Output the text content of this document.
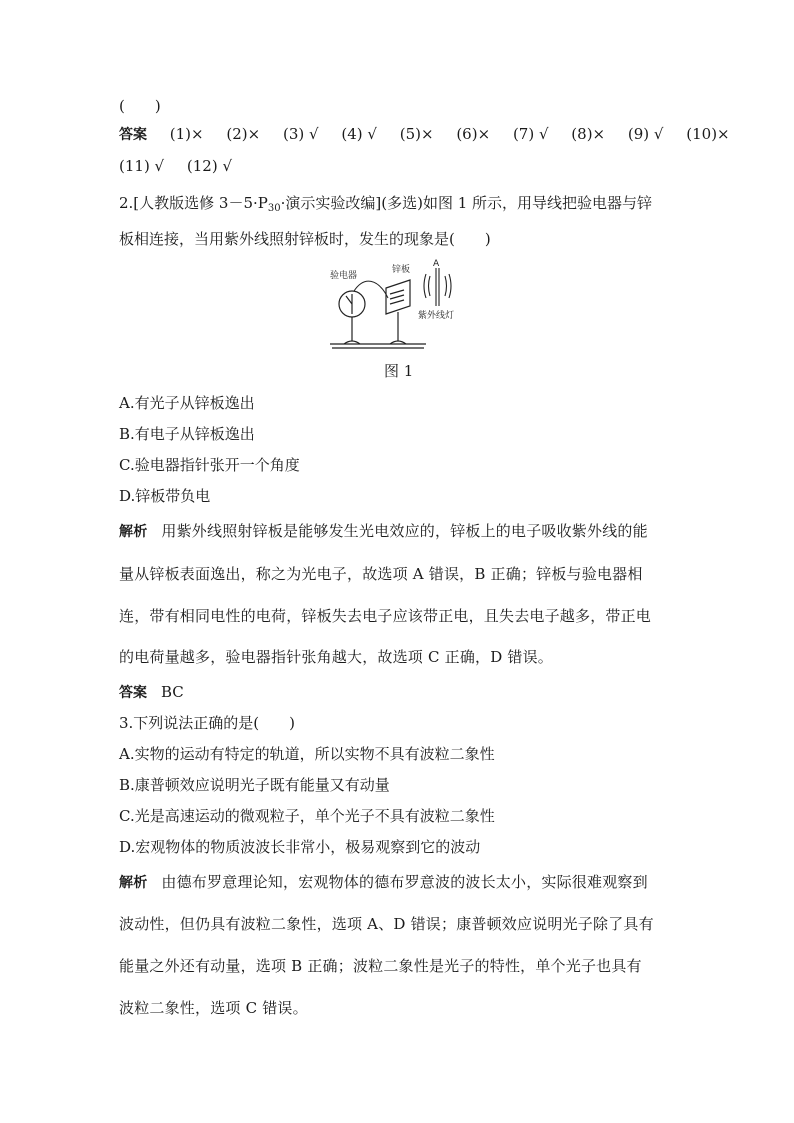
(　　)
答案 (1)× (2)× (3) √ (4) √ (5)× (6)× (7) √ (8)× (9) √ (10)×
(11) √ (12) √
2.[人教版选修 $3-5\cdot P_{30}\cdot$演示实验改编](多选)如图 1 所示，用导线把验电器与锌
板相连接，当用紫外线照射锌板时，发生的现象是(　　)
验电器
锌板
A
紫外线灯
图 1
A.有光子从锌板逸出
B.有电子从锌板逸出
C.验电器指针张开一个角度
D.锌板带负电
解析 用紫外线照射锌板是能够发生光电效应的，锌板上的电子吸收紫外线的能
量从锌板表面逸出，称之为光电子，故选项 A 错误，B 正确；锌板与验电器相
连，带有相同电性的电荷，锌板失去电子应该带正电，且失去电子越多，带正电
的电荷量越多，验电器指针张角越大，故选项 C 正确，D 错误。
答案 BC
3.下列说法正确的是(　　)
A.实物的运动有特定的轨道，所以实物不具有波粒二象性
B.康普顿效应说明光子既有能量又有动量
C.光是高速运动的微观粒子，单个光子不具有波粒二象性
D.宏观物体的物质波波长非常小，极易观察到它的波动
解析 由德布罗意理论知，宏观物体的德布罗意波的波长太小，实际很难观察到
波动性，但仍具有波粒二象性，选项 A、D 错误；康普顿效应说明光子除了具有
能量之外还有动量，选项 B 正确；波粒二象性是光子的特性，单个光子也具有
波粒二象性，选项 C 错误。
